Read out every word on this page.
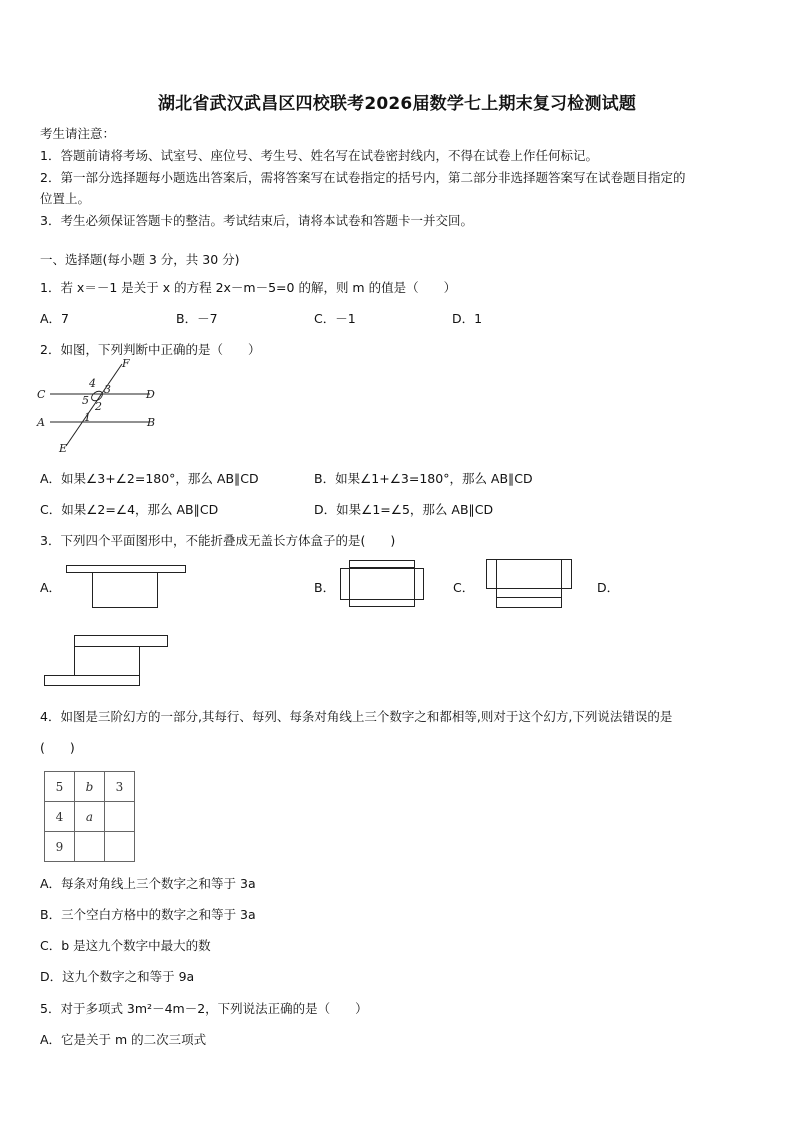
湖北省武汉武昌区四校联考2026届数学七上期末复习检测试题
考生请注意：
1．答题前请将考场、试室号、座位号、考生号、姓名写在试卷密封线内，不得在试卷上作任何标记。
2．第一部分选择题每小题选出答案后，需将答案写在试卷指定的括号内，第二部分非选择题答案写在试卷题目指定的
位置上。
3．考生必须保证答题卡的整洁。考试结束后，请将本试卷和答题卡一并交回。
一、选择题(每小题 3 分，共 30 分)
1．若 x＝－1 是关于 x 的方程 2x－m－5=0 的解，则 m 的值是（　　）
A．7	B．－7	C．－1	D．1
2．如图，下列判断中正确的是（　　）
F
C	D
A	B
E
4 3
5 2
1
A．如果∠3+∠2=180°，那么 AB∥CD	B．如果∠1+∠3=180°，那么 AB∥CD
C．如果∠2=∠4，那么 AB∥CD	D．如果∠1=∠5，那么 AB∥CD
3．下列四个平面图形中，不能折叠成无盖长方体盒子的是(　　)
A．	B．	C．	D．
4．如图是三阶幻方的一部分,其每行、每列、每条对角线上三个数字之和都相等,则对于这个幻方,下列说法错误的是
(　　)
5	b	3
4	a	
9		
A．每条对角线上三个数字之和等于 3a
B．三个空白方格中的数字之和等于 3a
C．b 是这九个数字中最大的数
D．这九个数字之和等于 9a
5．对于多项式 3m²－4m－2，下列说法正确的是（　　）
A．它是关于 m 的二次三项式
